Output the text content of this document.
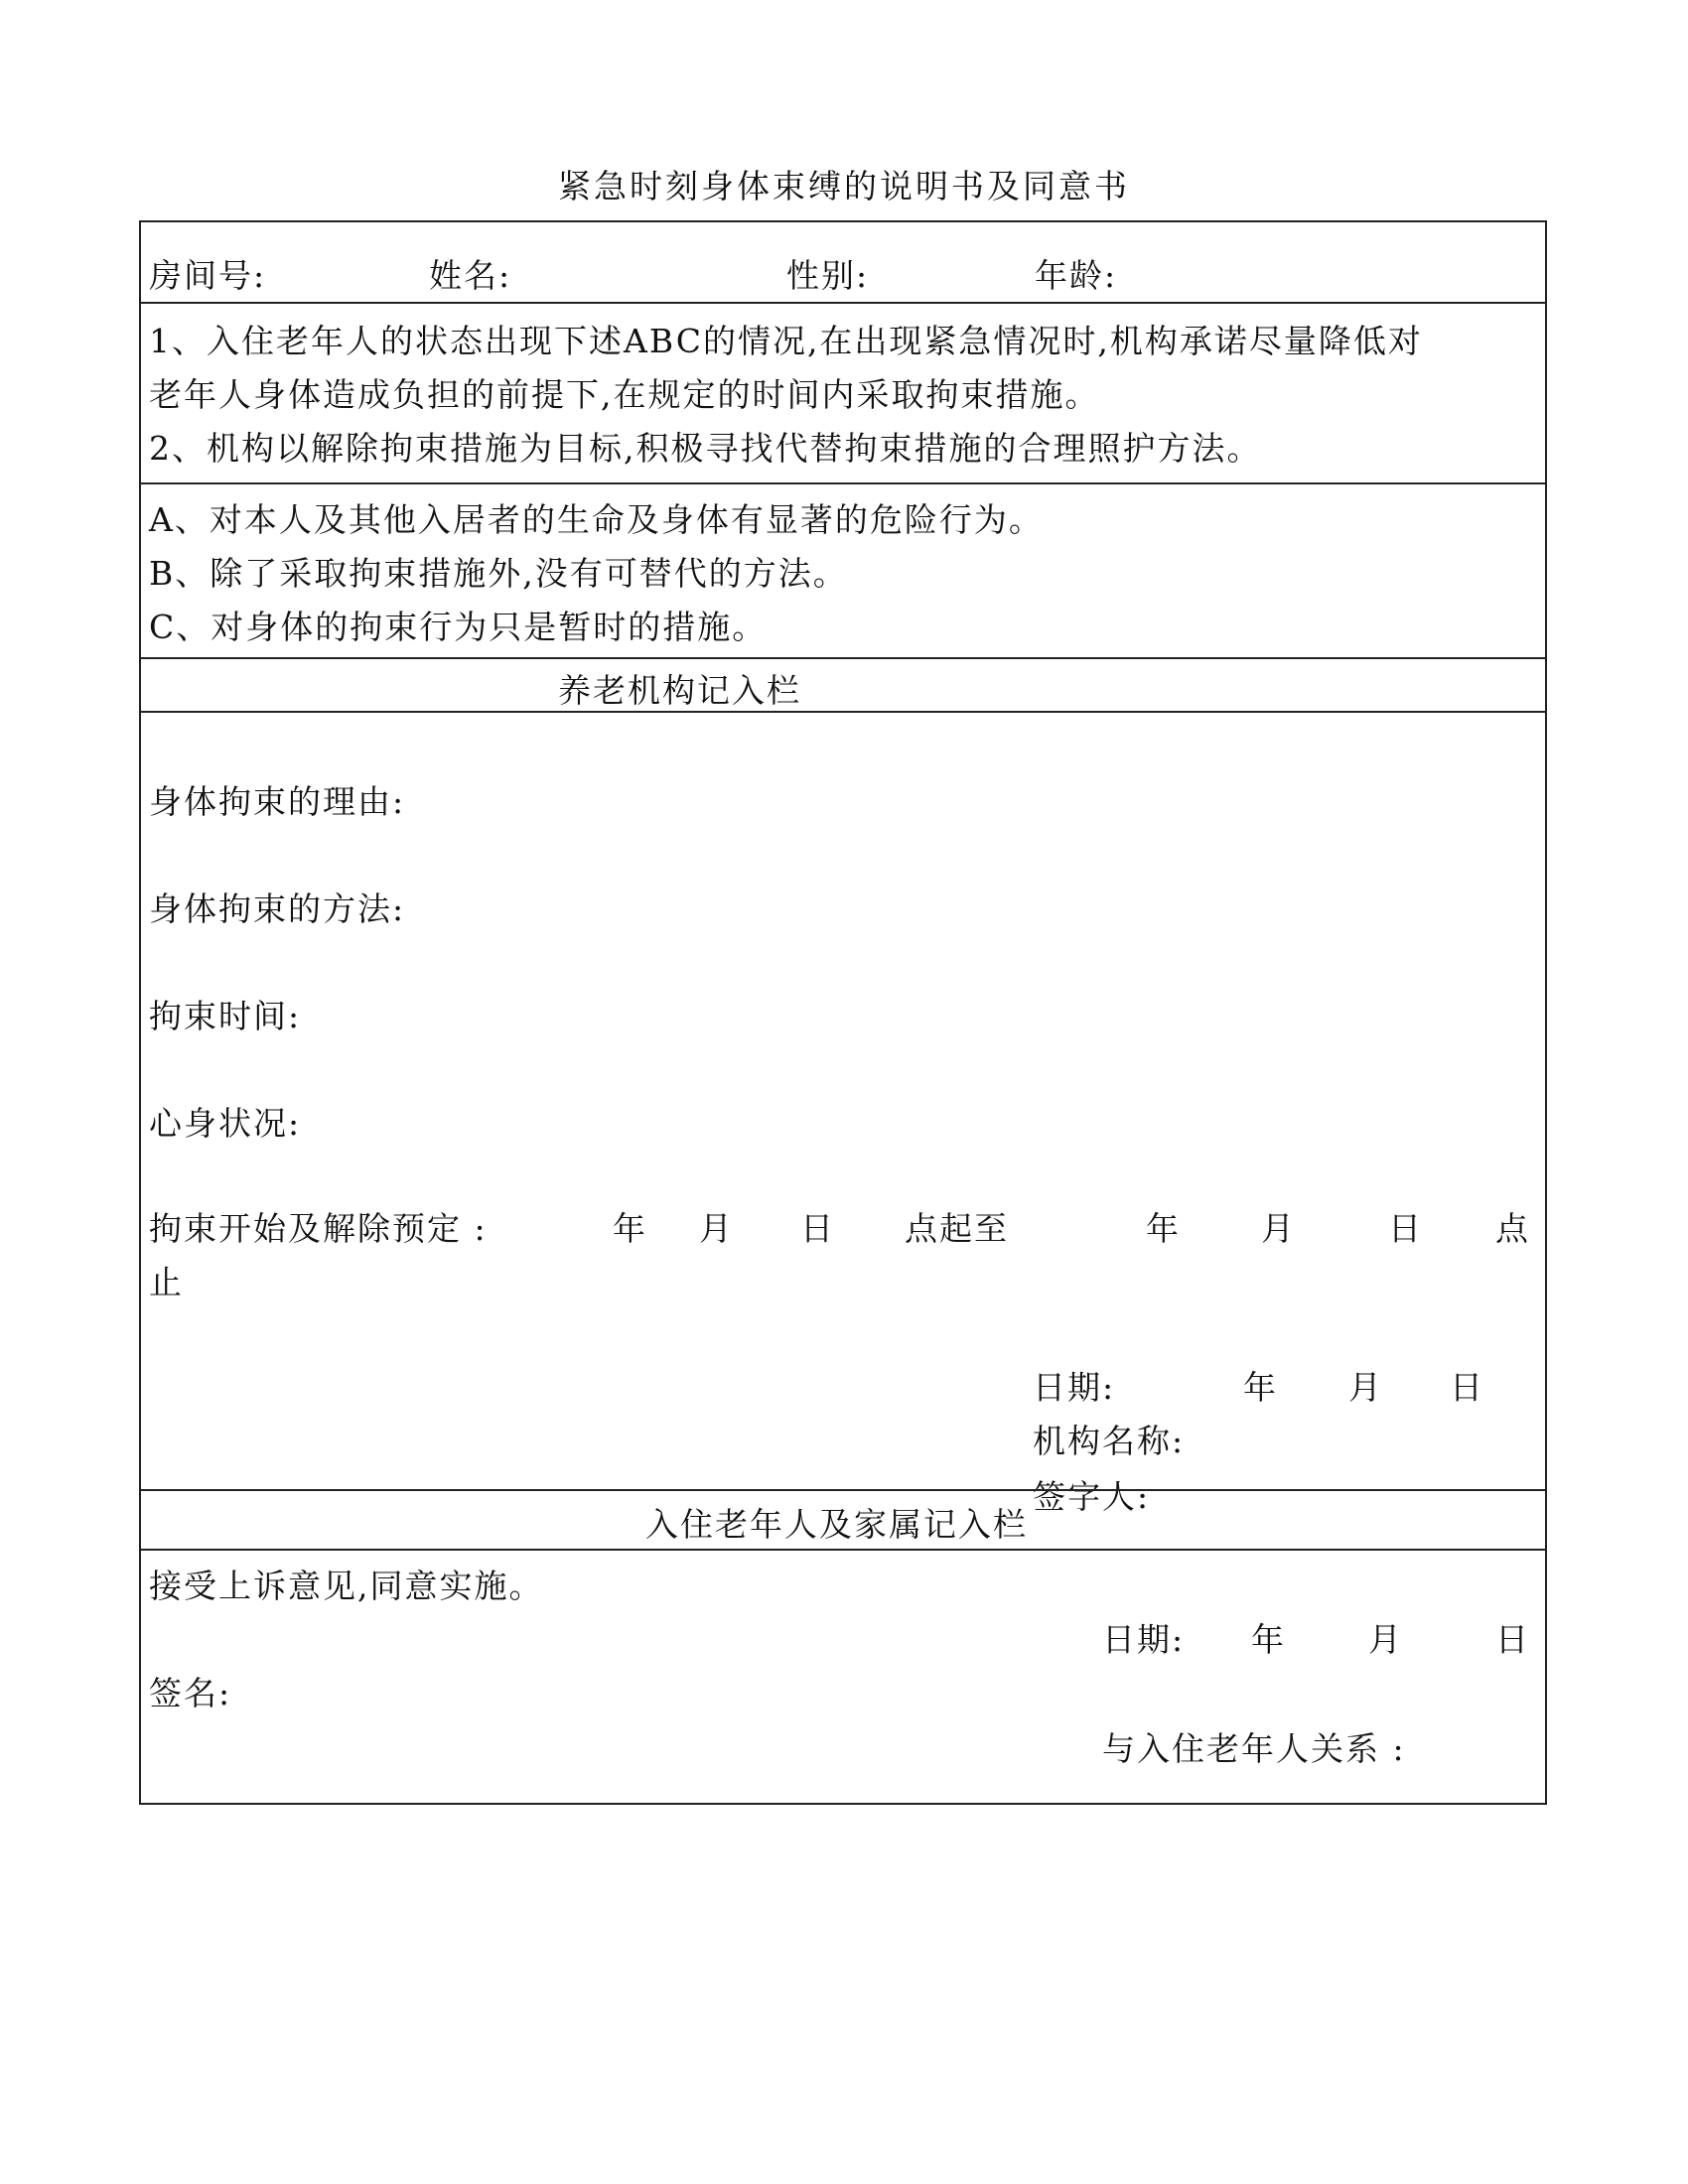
紧急时刻身体束缚的说明书及同意书
房间号:	姓名:	性别:	年龄:
1、入住老年人的状态出现下述ABC的情况,在出现紧急情况时,机构承诺尽量降低对
老年人身体造成负担的前提下,在规定的时间内采取拘束措施。
2、机构以解除拘束措施为目标,积极寻找代替拘束措施的合理照护方法。
A、对本人及其他入居者的生命及身体有显著的危险行为。
B、除了采取拘束措施外,没有可替代的方法。
C、对身体的拘束行为只是暂时的措施。
养老机构记入栏
身体拘束的理由:
身体拘束的方法:
拘束时间:
心身状况:
拘束开始及解除预定 :	年 月 日 点起至	年 月	日 点
止
日期:	年 月 日
机构名称:
签字人:
入住老年人及家属记入栏
接受上诉意见,同意实施。
日期: 年	月	日
签名:
与入住老年人关系 :
